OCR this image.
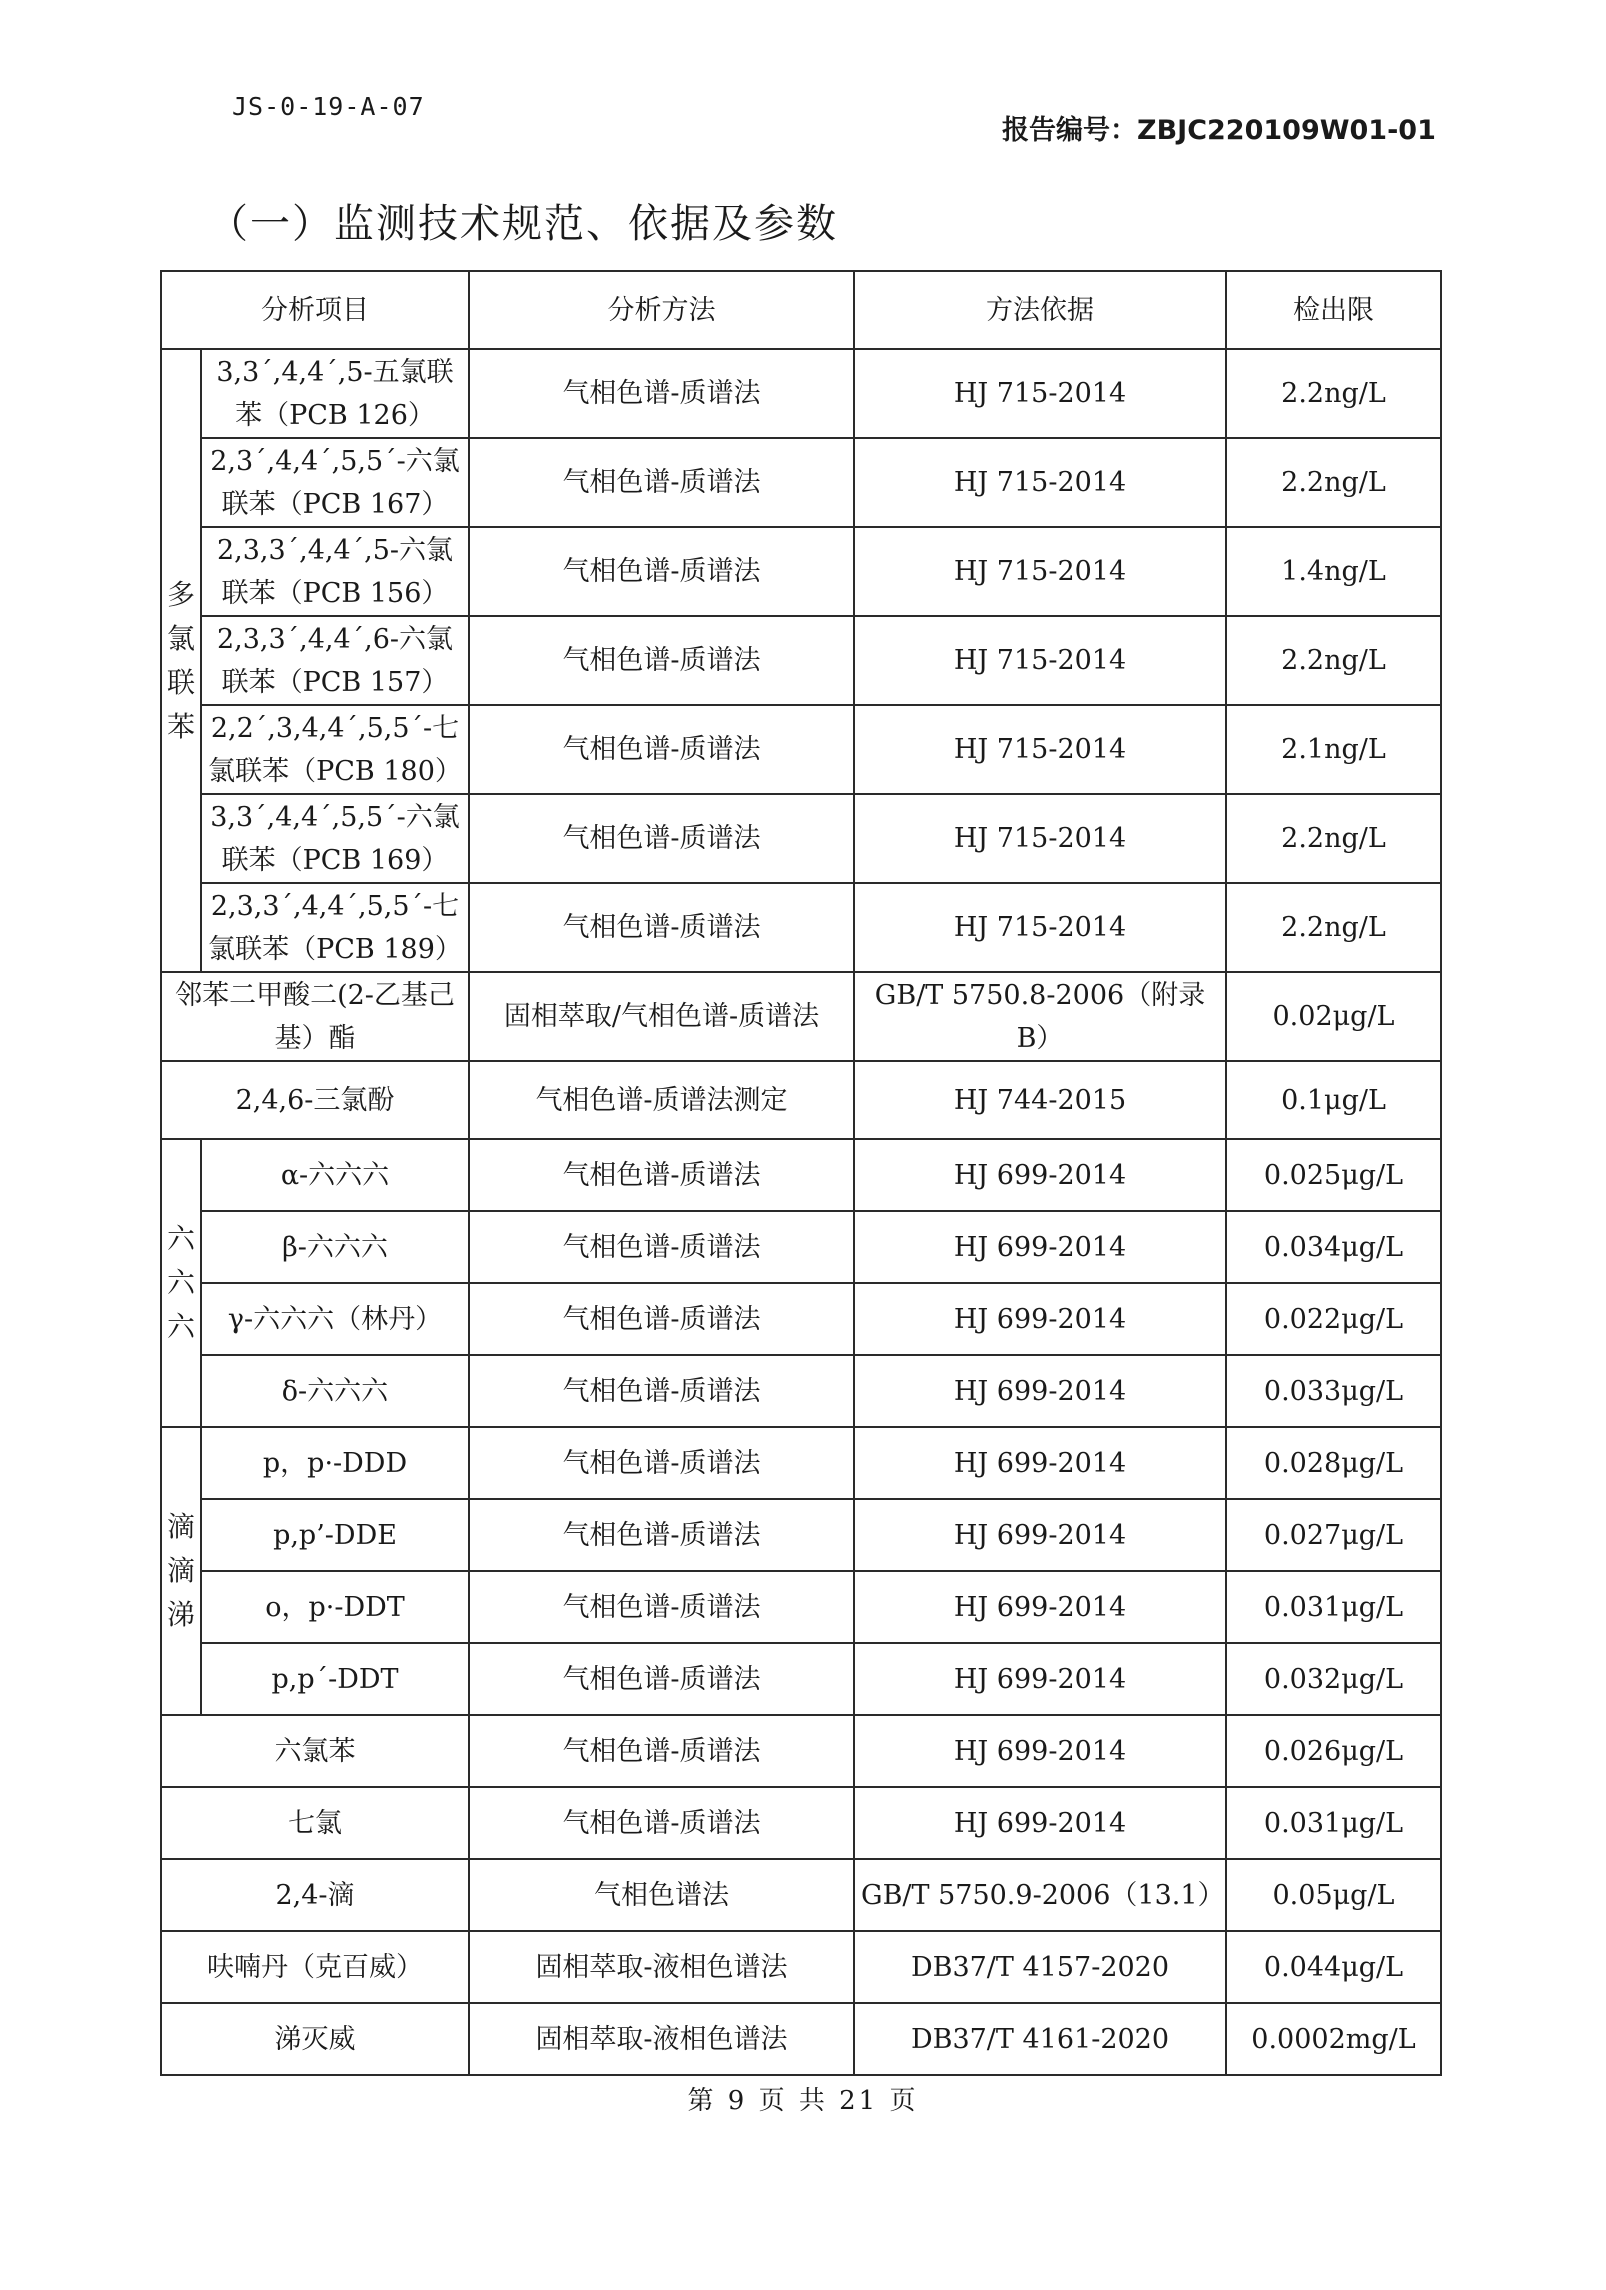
JS-0-19-A-07
报告编号：ZBJC220109W01-01
（一）监测技术规范、依据及参数
分析项目		分析方法	方法依据	检出限
多氯联苯	3,3´,4,4´,5-五氯联苯（PCB 126）	气相色谱-质谱法	HJ 715-2014	2.2ng/L
	2,3´,4,4´,5,5´-六氯联苯（PCB 167）	气相色谱-质谱法	HJ 715-2014	2.2ng/L
	2,3,3´,4,4´,5-六氯联苯（PCB 156）	气相色谱-质谱法	HJ 715-2014	1.4ng/L
	2,3,3´,4,4´,6-六氯联苯（PCB 157）	气相色谱-质谱法	HJ 715-2014	2.2ng/L
	2,2´,3,4,4´,5,5´-七氯联苯（PCB 180）	气相色谱-质谱法	HJ 715-2014	2.1ng/L
	3,3´,4,4´,5,5´-六氯联苯（PCB 169）	气相色谱-质谱法	HJ 715-2014	2.2ng/L
	2,3,3´,4,4´,5,5´-七氯联苯（PCB 189）	气相色谱-质谱法	HJ 715-2014	2.2ng/L
邻苯二甲酸二(2-乙基己基）酯		固相萃取/气相色谱-质谱法	GB/T 5750.8-2006（附录 B）	0.02μg/L
2,4,6-三氯酚		气相色谱-质谱法测定	HJ 744-2015	0.1μg/L
六六六	α-六六六	气相色谱-质谱法	HJ 699-2014	0.025μg/L
	β-六六六	气相色谱-质谱法	HJ 699-2014	0.034μg/L
	γ-六六六（林丹）	气相色谱-质谱法	HJ 699-2014	0.022μg/L
	δ-六六六	气相色谱-质谱法	HJ 699-2014	0.033μg/L
滴滴涕	p，p·-DDD	气相色谱-质谱法	HJ 699-2014	0.028μg/L
	p,p’-DDE	气相色谱-质谱法	HJ 699-2014	0.027μg/L
	o，p·-DDT	气相色谱-质谱法	HJ 699-2014	0.031μg/L
	p,p´-DDT	气相色谱-质谱法	HJ 699-2014	0.032μg/L
六氯苯		气相色谱-质谱法	HJ 699-2014	0.026μg/L
七氯		气相色谱-质谱法	HJ 699-2014	0.031μg/L
2,4-滴		气相色谱法	GB/T 5750.9-2006（13.1）	0.05μg/L
呋喃丹（克百威）		固相萃取-液相色谱法	DB37/T 4157-2020	0.044μg/L
涕灭威		固相萃取-液相色谱法	DB37/T 4161-2020	0.0002mg/L
第 9 页 共 21 页
